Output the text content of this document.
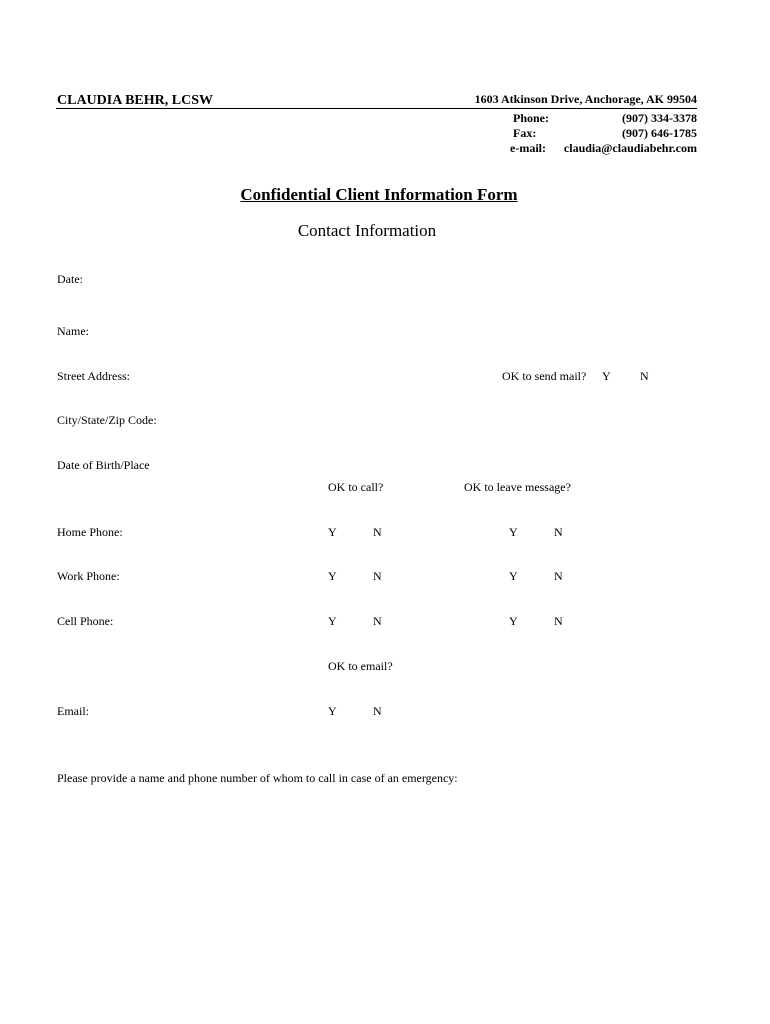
CLAUDIA BEHR, LCSW	1603 Atkinson Drive, Anchorage, AK 99504
Phone:	(907) 334-3378
Fax:	(907) 646-1785
e-mail: claudia@claudiabehr.com
Confidential Client Information Form
Contact Information
Date:
Name:
Street Address:	OK to send mail? Y N
City/State/Zip Code:
Date of Birth/Place
OK to call?	OK to leave message?
Home Phone:	Y	N	Y	N
Work Phone:	Y	N	Y	N
Cell Phone:	Y	N	Y	N
OK to email?
Email:	Y	N
Please provide a name and phone number of whom to call in case of an emergency:
